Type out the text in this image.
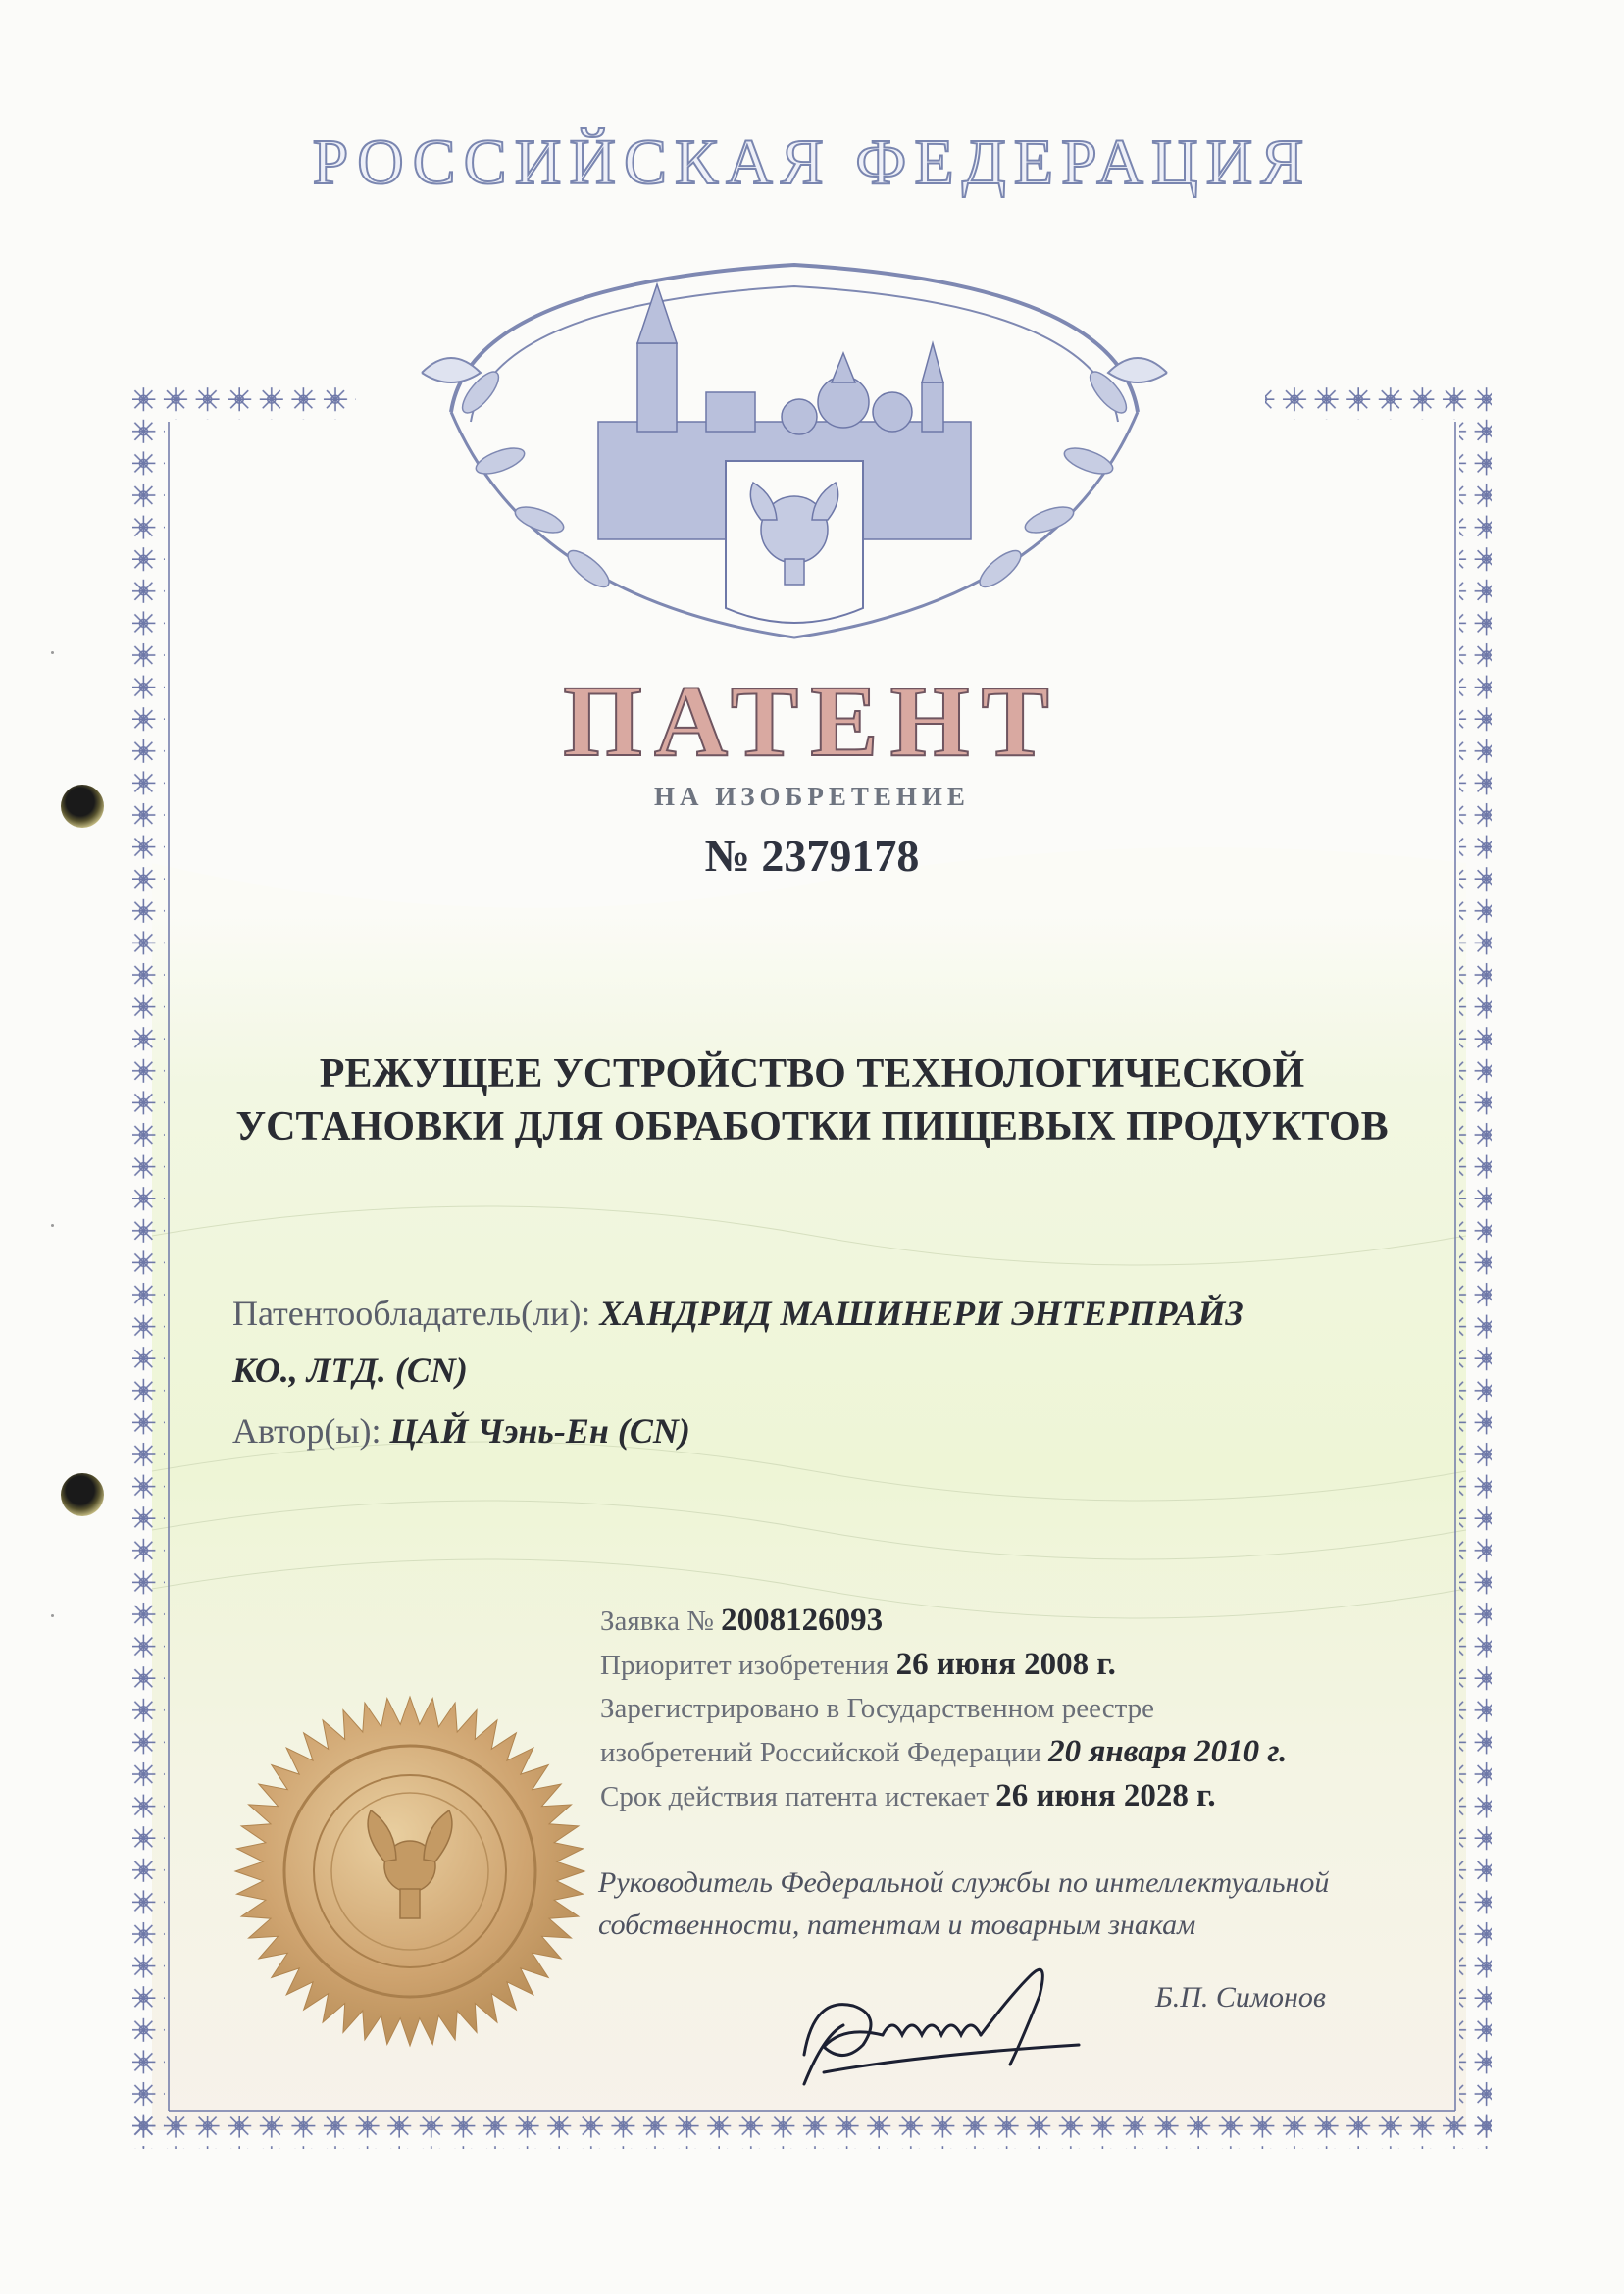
РОССИЙСКАЯ ФЕДЕРАЦИЯ
ПАТЕНТ
НА ИЗОБРЕТЕНИЕ
№ 2379178
РЕЖУЩЕЕ УСТРОЙСТВО ТЕХНОЛОГИЧЕСКОЙ
УСТАНОВКИ ДЛЯ ОБРАБОТКИ ПИЩЕВЫХ ПРОДУКТОВ
Патентообладатель(ли): ХАНДРИД МАШИНЕРИ ЭНТЕРПРАЙЗ
КО., ЛТД. (CN)
Автор(ы): ЦАЙ Чэнь-Ен (CN)
Заявка № 2008126093
Приоритет изобретения 26 июня 2008 г.
Зарегистрировано в Государственном реестре
изобретений Российской Федерации 20 января 2010 г.
Срок действия патента истекает 26 июня 2028 г.
Руководитель Федеральной службы по интеллектуальной
собственности, патентам и товарным знакам
Б.П. Симонов
